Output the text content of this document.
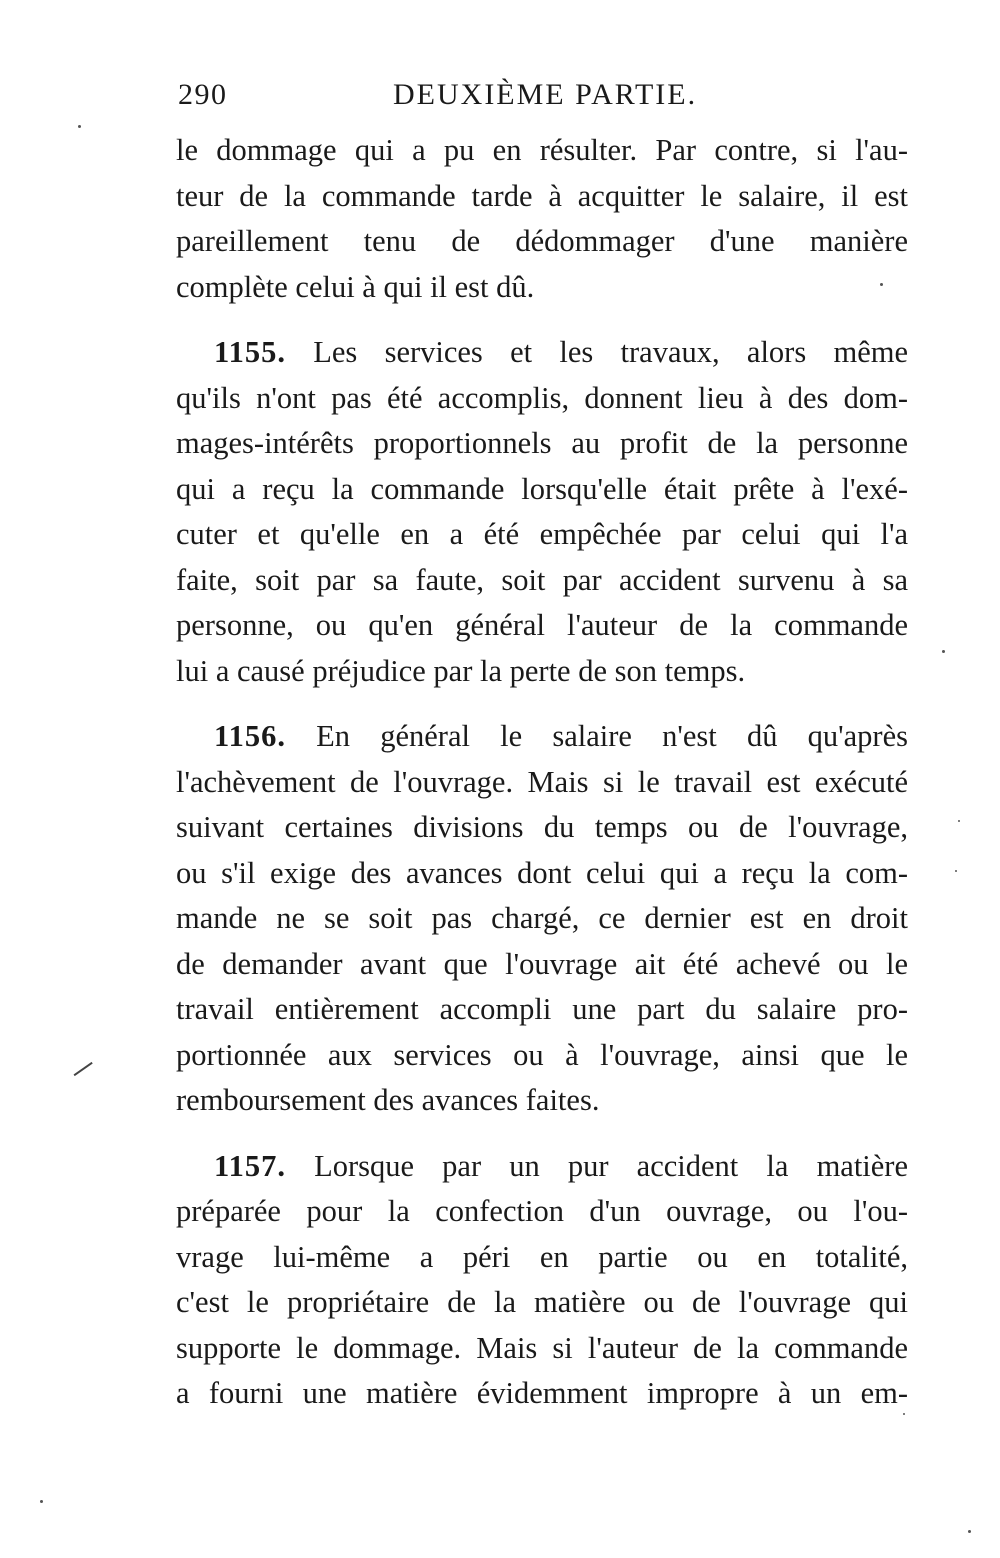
290	DEUXIÈME PARTIE.
le dommage qui a pu en résulter. Par contre, si l'au-
teur de la commande tarde à acquitter le salaire, il est
pareillement tenu de dédommager d'une manière
complète celui à qui il est dû.
1155. Les services et les travaux, alors même
qu'ils n'ont pas été accomplis, donnent lieu à des dom-
mages-intérêts proportionnels au profit de la personne
qui a reçu la commande lorsqu'elle était prête à l'exé-
cuter et qu'elle en a été empêchée par celui qui l'a
faite, soit par sa faute, soit par accident survenu à sa
personne, ou qu'en général l'auteur de la commande
lui a causé préjudice par la perte de son temps.
1156. En général le salaire n'est dû qu'après
l'achèvement de l'ouvrage. Mais si le travail est exécuté
suivant certaines divisions du temps ou de l'ouvrage,
ou s'il exige des avances dont celui qui a reçu la com-
mande ne se soit pas chargé, ce dernier est en droit
de demander avant que l'ouvrage ait été achevé ou le
travail entièrement accompli une part du salaire pro-
portionnée aux services ou à l'ouvrage, ainsi que le
remboursement des avances faites.
1157. Lorsque par un pur accident la matière
préparée pour la confection d'un ouvrage, ou l'ou-
vrage lui-même a péri en partie ou en totalité,
c'est le propriétaire de la matière ou de l'ouvrage qui
supporte le dommage. Mais si l'auteur de la commande
a fourni une matière évidemment impropre à un em-
